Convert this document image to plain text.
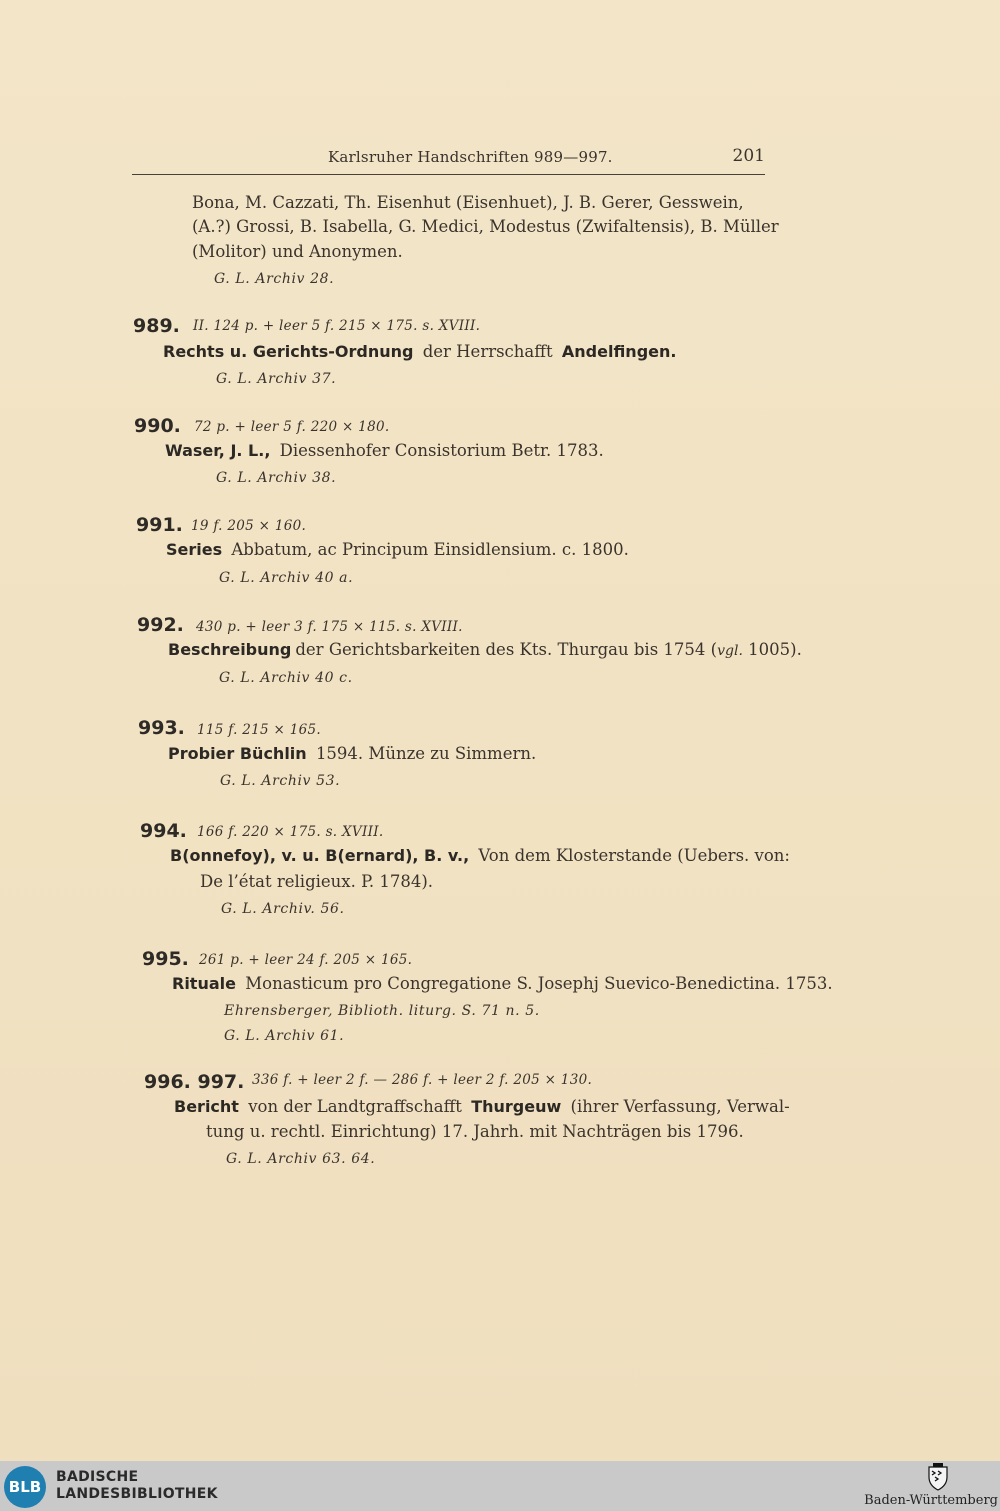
Karlsruher Handschriften 989—997.	201
Bona, M. Cazzati, Th. Eisenhut (Eisenhuet), J. B. Gerer, Gesswein,
(A.?) Grossi, B. Isabella, G. Medici, Modestus (Zwifaltensis), B. Müller
(Molitor) und Anonymen.
G. L. Archiv 28.
989. II. 124 p. + leer 5 f. 215 × 175. s. XVIII.
Rechts u. Gerichts-Ordnung der Herrschafft Andelfingen.
G. L. Archiv 37.
990. 72 p. + leer 5 f. 220 × 180.
Waser, J. L., Diessenhofer Consistorium Betr. 1783.
G. L. Archiv 38.
991. 19 f. 205 × 160.
Series Abbatum, ac Principum Einsidlensium. c. 1800.
G. L. Archiv 40 a.
992. 430 p. + leer 3 f. 175 × 115. s. XVIII.
Beschreibung der Gerichtsbarkeiten des Kts. Thurgau bis 1754 (vgl. 1005).
G. L. Archiv 40 c.
993. 115 f. 215 × 165.
Probier Büchlin 1594. Münze zu Simmern.
G. L. Archiv 53.
994. 166 f. 220 × 175. s. XVIII.
B(onnefoy), v. u. B(ernard), B. v., Von dem Klosterstande (Uebers. von:
De l’état religieux. P. 1784).
G. L. Archiv. 56.
995. 261 p. + leer 24 f. 205 × 165.
Rituale Monasticum pro Congregatione S. Josephj Suevico-Benedictina. 1753.
Ehrensberger, Biblioth. liturg. S. 71 n. 5.
G. L. Archiv 61.
996. 997. 336 f. + leer 2 f. — 286 f. + leer 2 f. 205 × 130.
Bericht von der Landtgraffschafft Thurgeuw (ihrer Verfassung, Verwal-
tung u. rechtl. Einrichtung) 17. Jahrh. mit Nachträgen bis 1796.
G. L. Archiv 63. 64.
BLB
BADISCHE
LANDESBIBLIOTHEK	Baden-Württemberg
